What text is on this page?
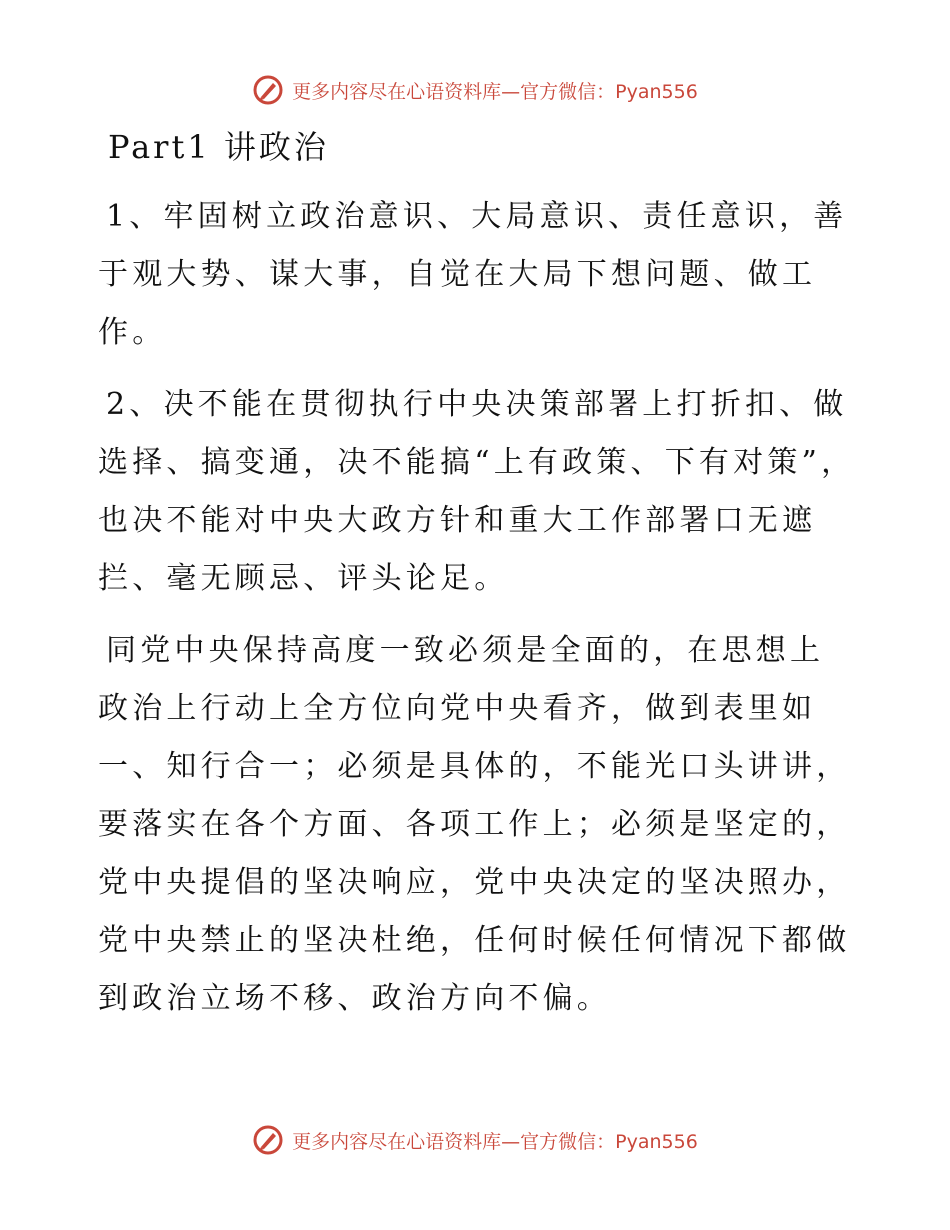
更多内容尽在心语资料库—官方微信：Pyan556
Part1 讲政治

1、牢固树立政治意识、大局意识、责任意识，善于观大势、谋大事，自觉在大局下想问题、做工作。

2、决不能在贯彻执行中央决策部署上打折扣、做选择、搞变通，决不能搞“上有政策、下有对策”，也决不能对中央大政方针和重大工作部署口无遮拦、毫无顾忌、评头论足。

同党中央保持高度一致必须是全面的，在思想上政治上行动上全方位向党中央看齐，做到表里如一、知行合一；必须是具体的，不能光口头讲讲，要落实在各个方面、各项工作上；必须是坚定的，党中央提倡的坚决响应，党中央决定的坚决照办，党中央禁止的坚决杜绝，任何时候任何情况下都做到政治立场不移、政治方向不偏。

更多内容尽在心语资料库—官方微信：Pyan556
